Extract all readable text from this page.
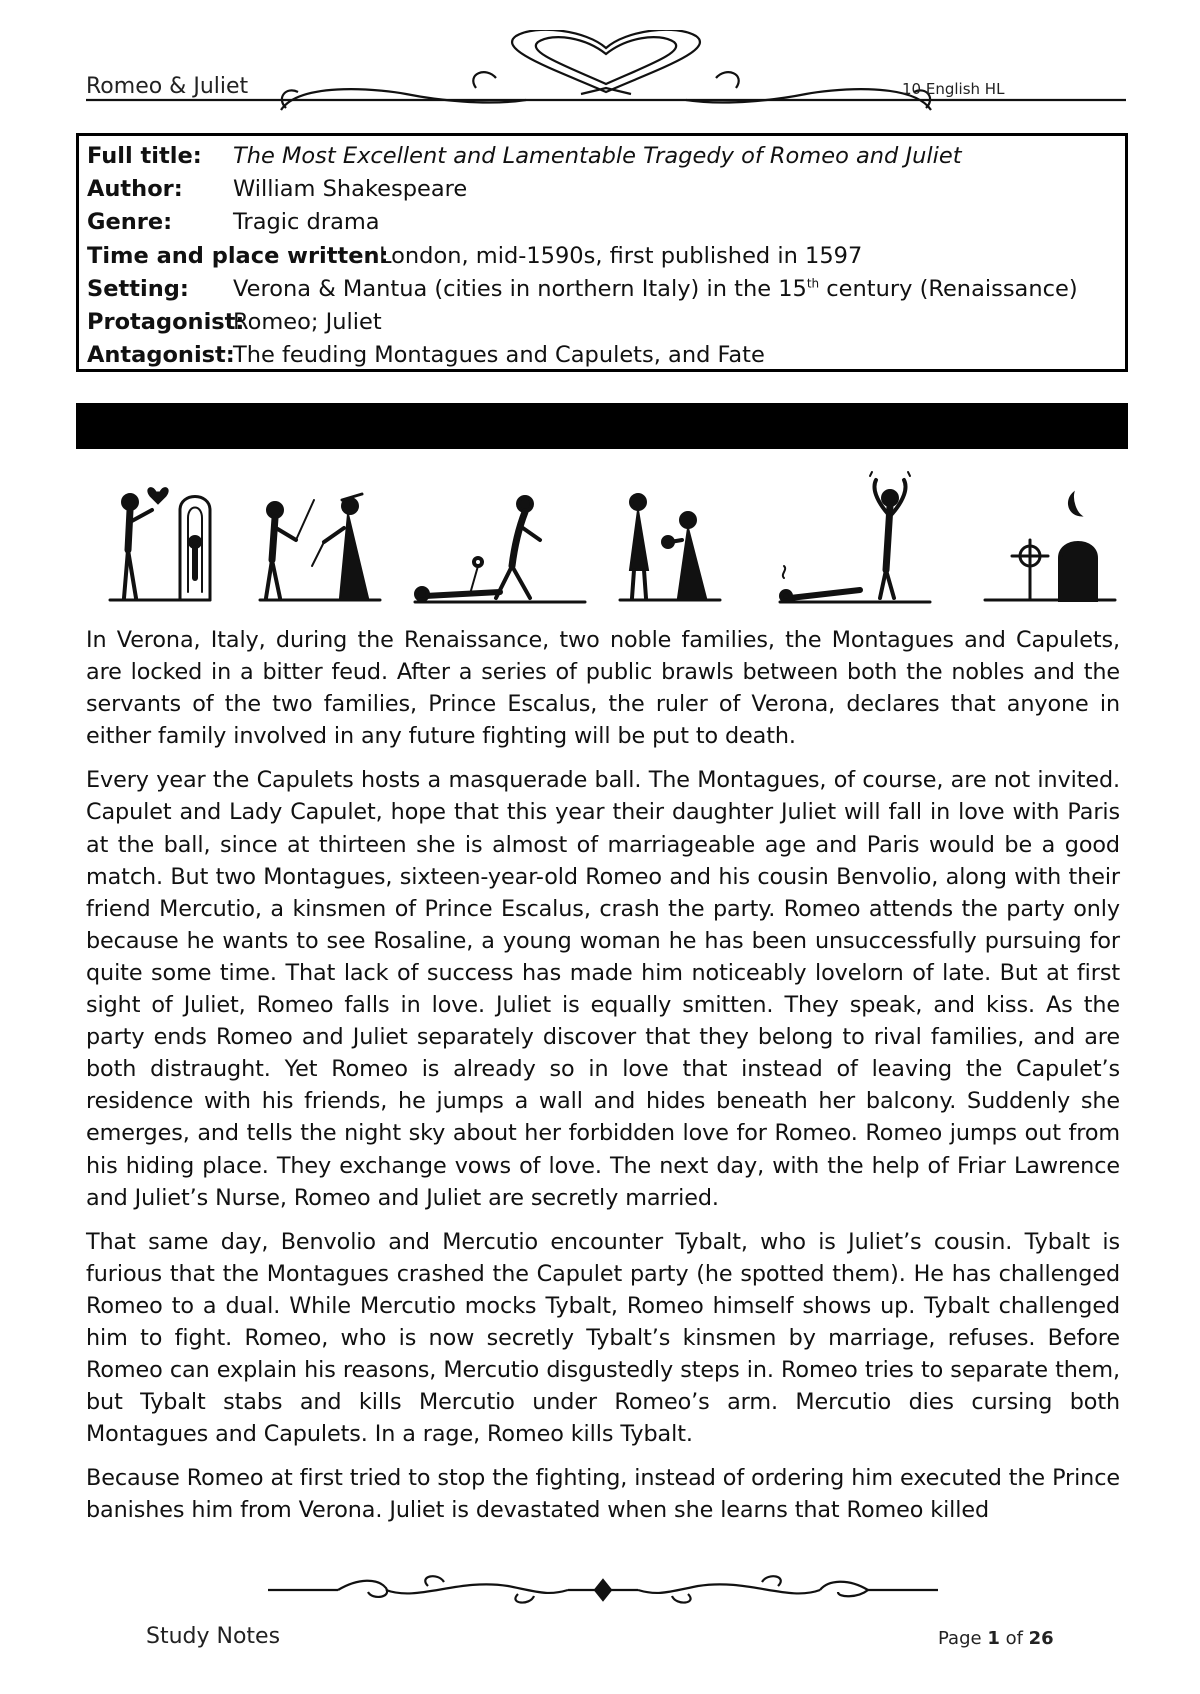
Romeo & Juliet	10 English HL
Full title: The Most Excellent and Lamentable Tragedy of Romeo and Juliet
Author: William Shakespeare
Genre:	Tragic drama
Time and place written:
London, mid-1590s, first published in 1597
Setting: Verona & Mantua (cities in northern Italy) in the 15th century (Renaissance)
Protagonist:
Romeo; Juliet
Antagonist:
The feuding Montagues and Capulets, and Fate

In Verona, Italy, during the Renaissance, two noble families, the Montagues and Capulets, are locked in a bitter feud. After a series of public brawls between both the nobles and the servants of the two families, Prince Escalus, the ruler of Verona, declares that anyone in either family involved in any future fighting will be put to death.

Every year the Capulets hosts a masquerade ball. The Montagues, of course, are not invited. Capulet and Lady Capulet, hope that this year their daughter Juliet will fall in love with Paris at the ball, since at thirteen she is almost of marriageable age and Paris would be a good match. But two Montagues, sixteen-year-old Romeo and his cousin Benvolio, along with their friend Mercutio, a kinsmen of Prince Escalus, crash the party. Romeo attends the party only because he wants to see Rosaline, a young woman he has been unsuccessfully pursuing for quite some time. That lack of success has made him noticeably lovelorn of late. But at first sight of Juliet, Romeo falls in love. Juliet is equally smitten. They speak, and kiss. As the party ends Romeo and Juliet separately discover that they belong to rival families, and are both distraught. Yet Romeo is already so in love that instead of leaving the Capulet’s residence with his friends, he jumps a wall and hides beneath her balcony. Suddenly she emerges, and tells the night sky about her forbidden love for Romeo. Romeo jumps out from his hiding place. They exchange vows of love. The next day, with the help of Friar Lawrence and Juliet’s Nurse, Romeo and Juliet are secretly married.

That same day, Benvolio and Mercutio encounter Tybalt, who is Juliet’s cousin. Tybalt is furious that the Montagues crashed the Capulet party (he spotted them). He has challenged Romeo to a dual. While Mercutio mocks Tybalt, Romeo himself shows up. Tybalt challenged him to fight. Romeo, who is now secretly Tybalt’s kinsmen by marriage, refuses. Before Romeo can explain his reasons, Mercutio disgustedly steps in. Romeo tries to separate them, but Tybalt stabs and kills Mercutio under Romeo’s arm. Mercutio dies cursing both Montagues and Capulets. In a rage, Romeo kills Tybalt.

Because Romeo at first tried to stop the fighting, instead of ordering him executed the Prince banishes him from Verona. Juliet is devastated when she learns that Romeo killed

Study Notes	Page 1 of 26
